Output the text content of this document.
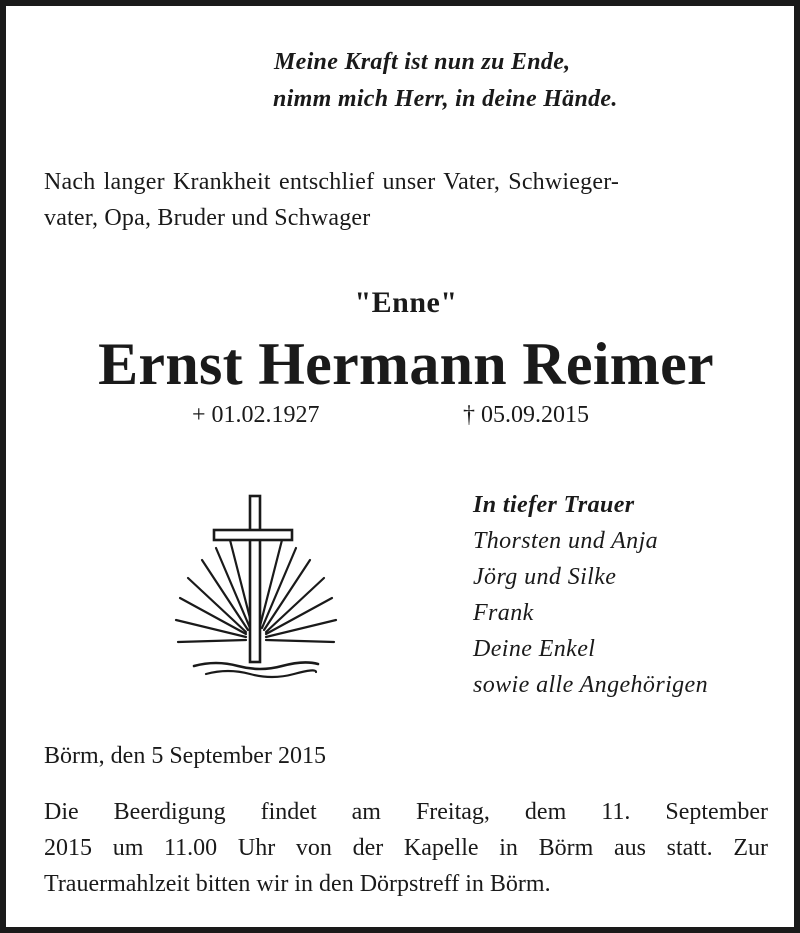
Meine Kraft ist nun zu Ende,
nimm mich Herr, in deine Hände.
Nach langer Krankheit entschlief unser Vater, Schwieger-
vater, Opa, Bruder und Schwager
"Enne"
Ernst Hermann Reimer
+ 01.02.1927	† 05.09.2015
In tiefer Trauer
Thorsten und Anja
Jörg und Silke
Frank
Deine Enkel
sowie alle Angehörigen
Börm, den 5 September 2015
Die Beerdigung findet am Freitag, dem 11. September
2015 um 11.00 Uhr von der Kapelle in Börm aus statt. Zur
Trauermahlzeit bitten wir in den Dörpstreff in Börm.
